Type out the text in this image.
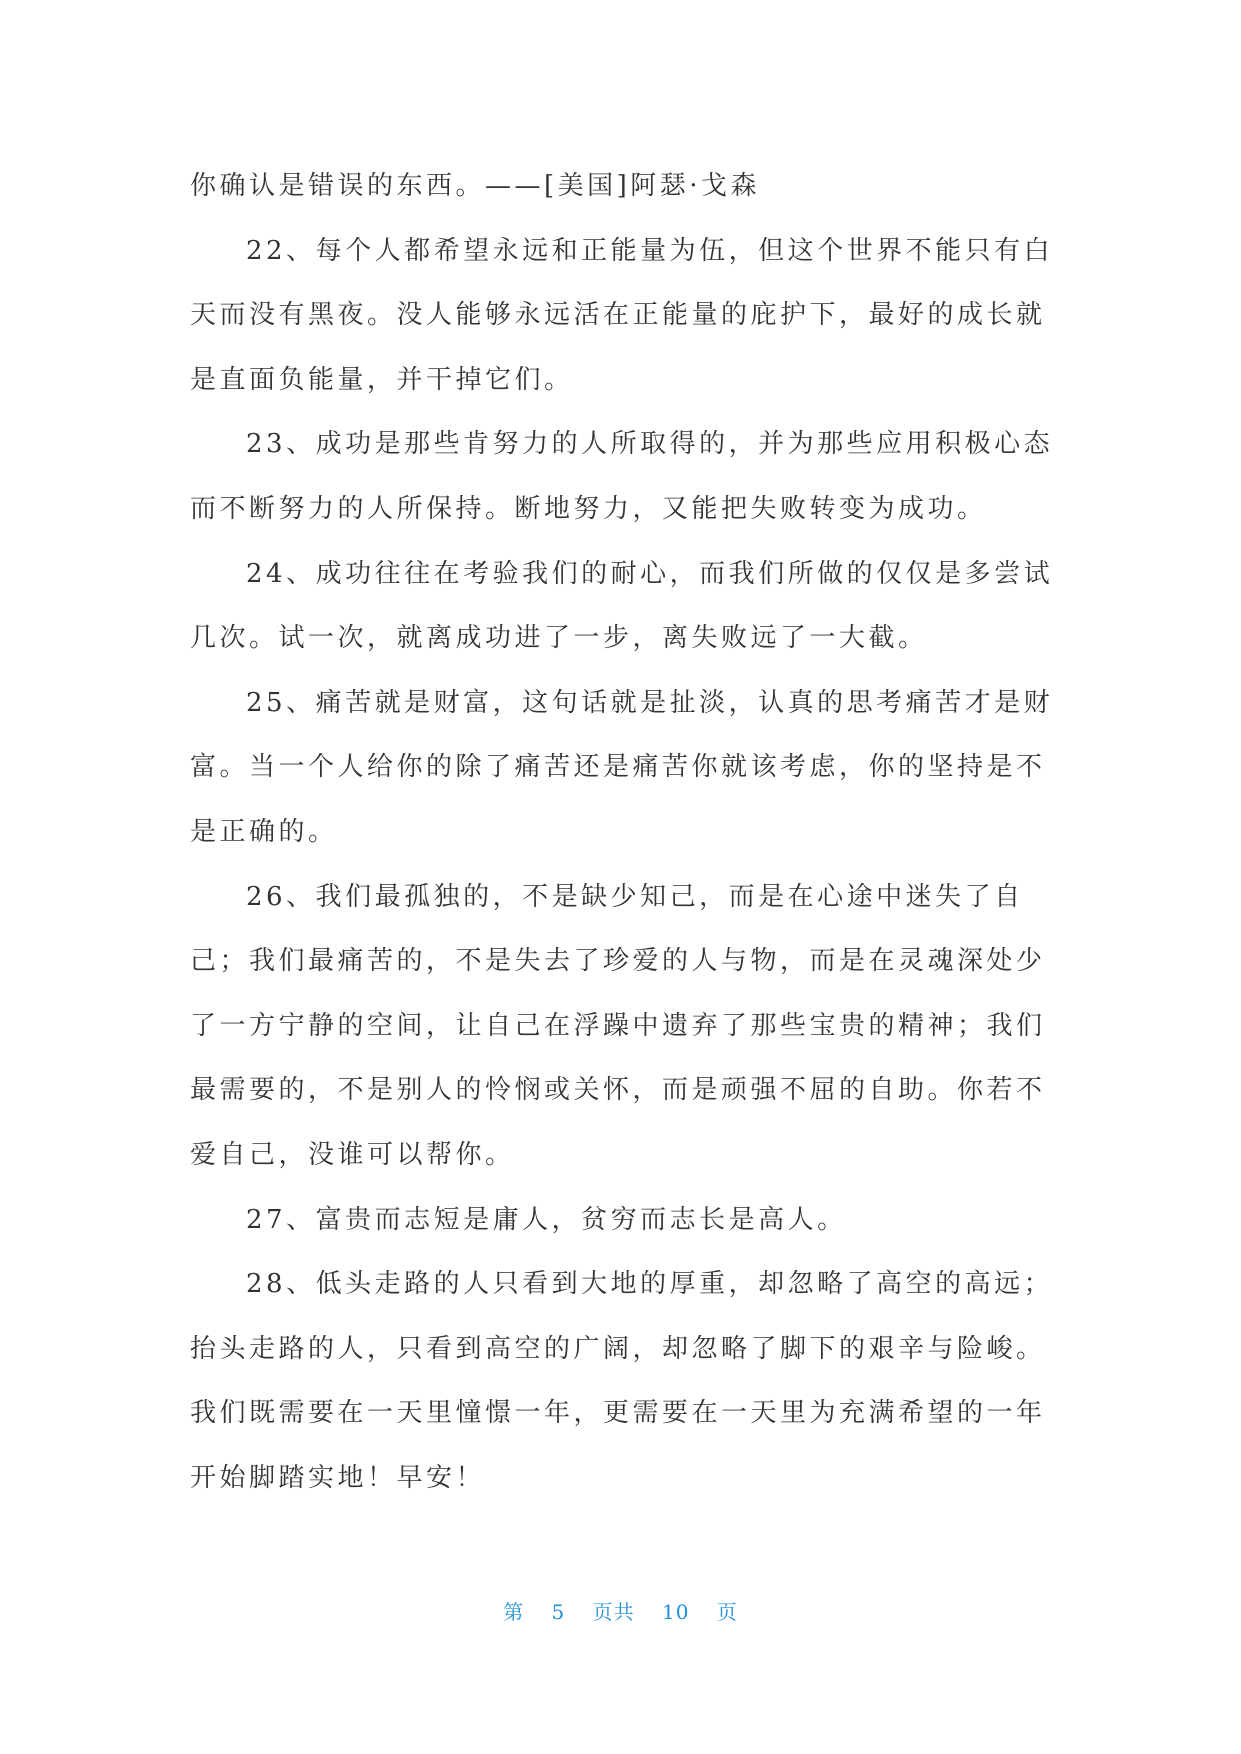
你确认是错误的东西。——[美国]阿瑟·戈森
22、每个人都希望永远和正能量为伍，但这个世界不能只有白
天而没有黑夜。没人能够永远活在正能量的庇护下，最好的成长就
是直面负能量，并干掉它们。
23、成功是那些肯努力的人所取得的，并为那些应用积极心态
而不断努力的人所保持。断地努力，又能把失败转变为成功。
24、成功往往在考验我们的耐心，而我们所做的仅仅是多尝试
几次。试一次，就离成功进了一步，离失败远了一大截。
25、痛苦就是财富，这句话就是扯淡，认真的思考痛苦才是财
富。当一个人给你的除了痛苦还是痛苦你就该考虑，你的坚持是不
是正确的。
26、我们最孤独的，不是缺少知己，而是在心途中迷失了自
己；我们最痛苦的，不是失去了珍爱的人与物，而是在灵魂深处少
了一方宁静的空间，让自己在浮躁中遗弃了那些宝贵的精神；我们
最需要的，不是别人的怜悯或关怀，而是顽强不屈的自助。你若不
爱自己，没谁可以帮你。
27、富贵而志短是庸人，贫穷而志长是高人。
28、低头走路的人只看到大地的厚重，却忽略了高空的高远；
抬头走路的人，只看到高空的广阔，却忽略了脚下的艰辛与险峻。
我们既需要在一天里憧憬一年，更需要在一天里为充满希望的一年
开始脚踏实地！早安！
第 5 页共 10 页
